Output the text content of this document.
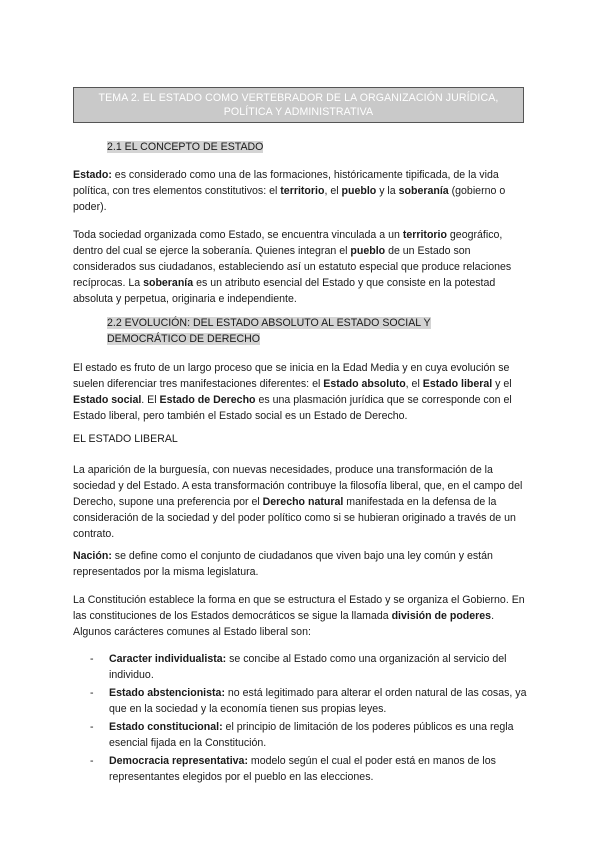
TEMA 2. EL ESTADO COMO VERTEBRADOR DE LA ORGANIZACIÓN JURÍDICA,
POLÍTICA Y ADMINISTRATIVA
2.1 EL CONCEPTO DE ESTADO

Estado: es considerado como una de las formaciones, históricamente tipificada, de la vida política, con tres elementos constitutivos: el territorio, el pueblo y la soberanía (gobierno o poder).

Toda sociedad organizada como Estado, se encuentra vinculada a un territorio geográfico, dentro del cual se ejerce la soberanía. Quienes integran el pueblo de un Estado son considerados sus ciudadanos, estableciendo así un estatuto especial que produce relaciones recíprocas. La soberanía es un atributo esencial del Estado y que consiste en la potestad absoluta y perpetua, originaria e independiente.

2.2 EVOLUCIÓN: DEL ESTADO ABSOLUTO AL ESTADO SOCIAL Y
DEMOCRÁTICO DE DERECHO

El estado es fruto de un largo proceso que se inicia en la Edad Media y en cuya evolución se suelen diferenciar tres manifestaciones diferentes: el Estado absoluto, el Estado liberal y el Estado social. El Estado de Derecho es una plasmación jurídica que se corresponde con el Estado liberal, pero también el Estado social es un Estado de Derecho.

EL ESTADO LIBERAL

La aparición de la burguesía, con nuevas necesidades, produce una transformación de la sociedad y del Estado. A esta transformación contribuye la filosofía liberal, que, en el campo del Derecho, supone una preferencia por el Derecho natural manifestada en la defensa de la consideración de la sociedad y del poder político como si se hubieran originado a través de un contrato.

Nación: se define como el conjunto de ciudadanos que viven bajo una ley común y están representados por la misma legislatura.

La Constitución establece la forma en que se estructura el Estado y se organiza el Gobierno. En las constituciones de los Estados democráticos se sigue la llamada división de poderes.
Algunos carácteres comunes al Estado liberal son:

- Caracter individualista: se concibe al Estado como una organización al servicio del individuo.
- Estado abstencionista: no está legitimado para alterar el orden natural de las cosas, ya que en la sociedad y la economía tienen sus propias leyes.
- Estado constitucional: el principio de limitación de los poderes públicos es una regla esencial fijada en la Constitución.
- Democracia representativa: modelo según el cual el poder está en manos de los representantes elegidos por el pueblo en las elecciones.
